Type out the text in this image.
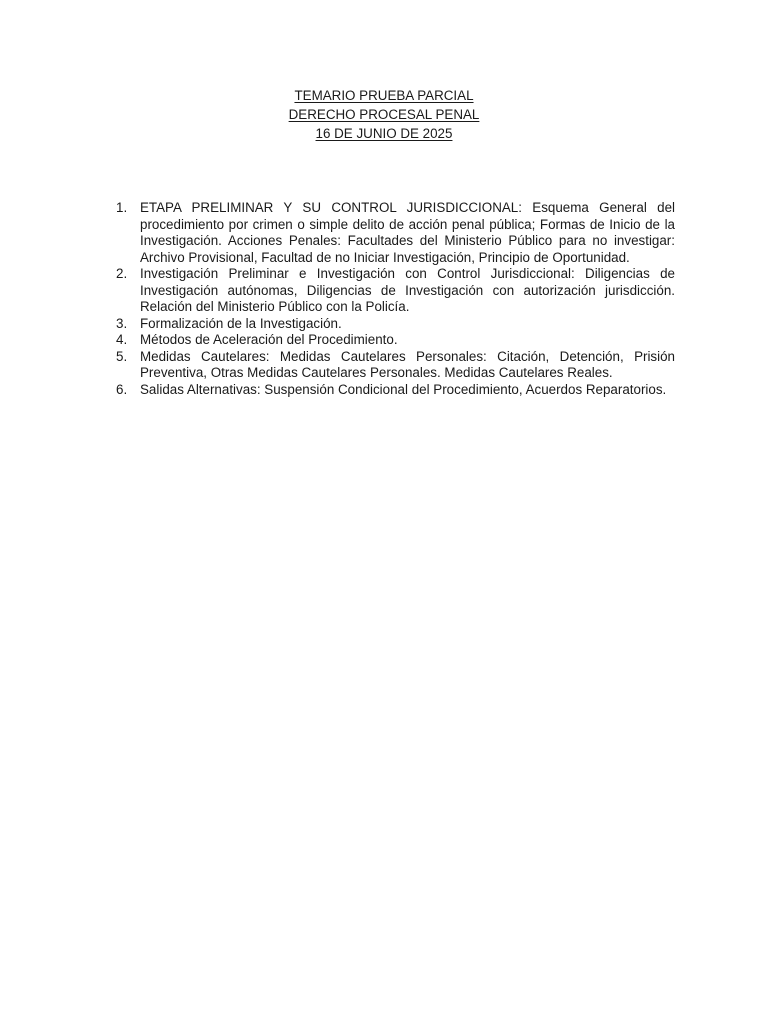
TEMARIO PRUEBA PARCIAL
DERECHO PROCESAL PENAL
16 DE JUNIO DE 2025
1. ETAPA PRELIMINAR Y SU CONTROL JURISDICCIONAL: Esquema General del procedimiento por crimen o simple delito de acción penal pública; Formas de Inicio de la Investigación. Acciones Penales: Facultades del Ministerio Público para no investigar: Archivo Provisional, Facultad de no Iniciar Investigación, Principio de Oportunidad.
2. Investigación Preliminar e Investigación con Control Jurisdiccional: Diligencias de Investigación autónomas, Diligencias de Investigación con autorización jurisdicción. Relación del Ministerio Público con la Policía.
3. Formalización de la Investigación.
4. Métodos de Aceleración del Procedimiento.
5. Medidas Cautelares: Medidas Cautelares Personales: Citación, Detención, Prisión Preventiva, Otras Medidas Cautelares Personales. Medidas Cautelares Reales.
6. Salidas Alternativas: Suspensión Condicional del Procedimiento, Acuerdos Reparatorios.
